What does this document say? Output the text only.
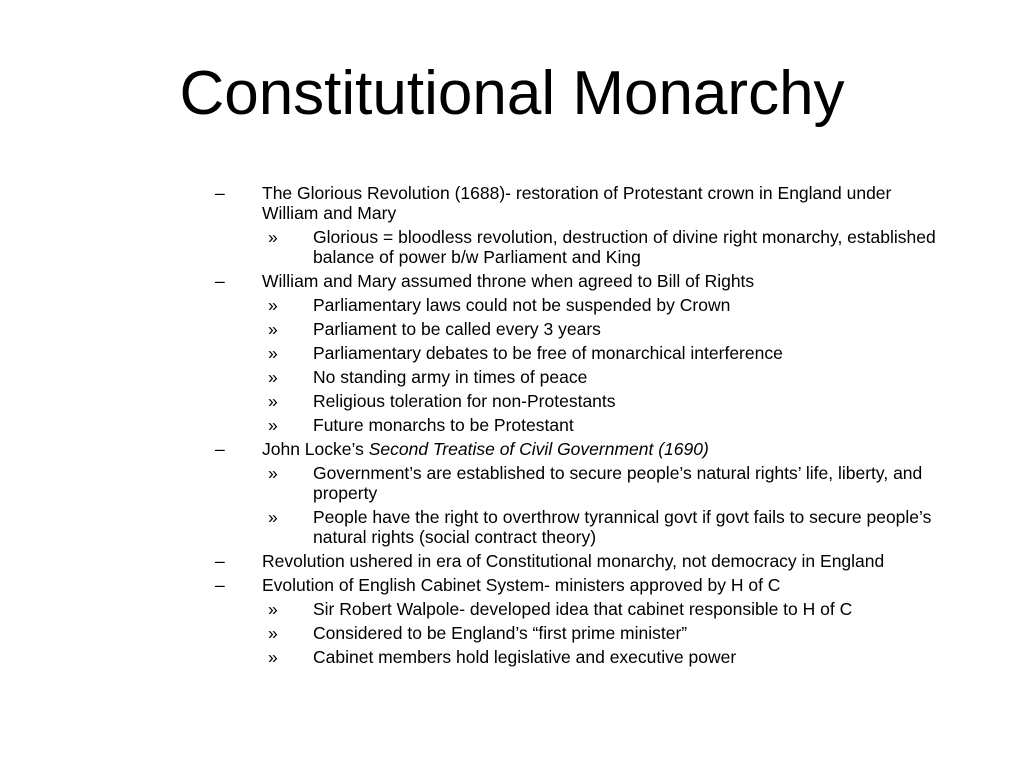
Constitutional Monarchy
– The Glorious Revolution (1688)- restoration of Protestant crown in England under William and Mary
» Glorious = bloodless revolution, destruction of divine right monarchy, established balance of power b/w Parliament and King
– William and Mary assumed throne when agreed to Bill of Rights
» Parliamentary laws could not be suspended by Crown
» Parliament to be called every 3 years
» Parliamentary debates to be free of monarchical interference
» No standing army in times of peace
» Religious toleration for non-Protestants
» Future monarchs to be Protestant
– John Locke’s Second Treatise of Civil Government (1690)
» Government’s are established to secure people’s natural rights’ life, liberty, and property
» People have the right to overthrow tyrannical govt if govt fails to secure people’s natural rights (social contract theory)
– Revolution ushered in era of Constitutional monarchy, not democracy in England
– Evolution of English Cabinet System- ministers approved by H of C
» Sir Robert Walpole- developed idea that cabinet responsible to H of C
» Considered to be England’s “first prime minister”
» Cabinet members hold legislative and executive power
